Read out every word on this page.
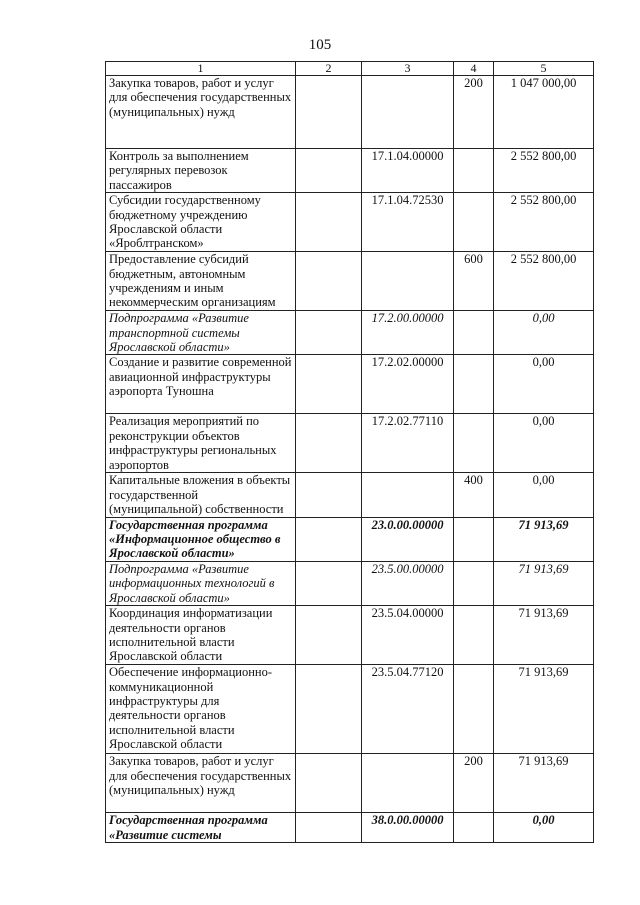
105
1	2	3	4	5
Закупка товаров, работ и услуг для обеспечения государственных (муниципальных) нужд			200	1 047 000,00
Контроль за выполнением регулярных перевозок пассажиров		17.1.04.00000		2 552 800,00
Субсидии государственному бюджетному учреждению Ярославской области «Яроблтранском»		17.1.04.72530		2 552 800,00
Предоставление субсидий бюджетным, автономным учреждениям и иным некоммерческим организациям			600	2 552 800,00
Подпрограмма «Развитие транспортной системы Ярославской области»		17.2.00.00000		0,00
Создание и развитие современной авиационной инфраструктуры аэропорта Туношна		17.2.02.00000		0,00
Реализация мероприятий по реконструкции объектов инфраструктуры региональных аэропортов		17.2.02.77110		0,00
Капитальные вложения в объекты государственной (муниципальной) собственности			400	0,00
Государственная программа «Информационное общество в Ярославской области»		23.0.00.00000		71 913,69
Подпрограмма «Развитие информационных технологий в Ярославской области»		23.5.00.00000		71 913,69
Координация информатизации деятельности органов исполнительной власти Ярославской области		23.5.04.00000		71 913,69
Обеспечение информационно-коммуникационной инфраструктуры для деятельности органов исполнительной власти Ярославской области		23.5.04.77120		71 913,69
Закупка товаров, работ и услуг для обеспечения государственных (муниципальных) нужд			200	71 913,69
Государственная программа «Развитие системы		38.0.00.00000		0,00
